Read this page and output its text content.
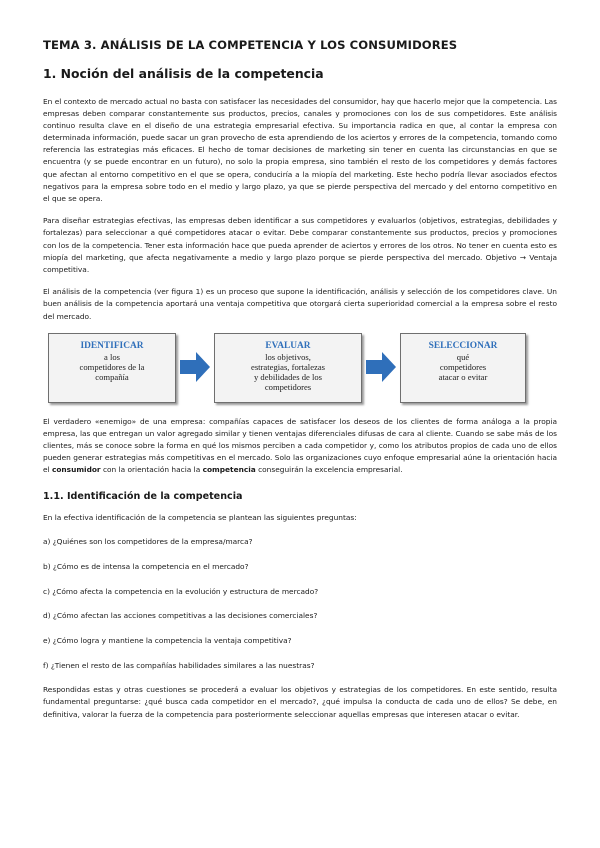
TEMA 3. ANÁLISIS DE LA COMPETENCIA Y LOS CONSUMIDORES
1. Noción del análisis de la competencia

En el contexto de mercado actual no basta con satisfacer las necesidades del consumidor, hay que hacerlo mejor que la competencia. Las empresas deben comparar constantemente sus productos, precios, canales y promociones con los de sus competidores. Este análisis continuo resulta clave en el diseño de una estrategia empresarial efectiva. Su importancia radica en que, al contar la empresa con determinada información, puede sacar un gran provecho de esta aprendiendo de los aciertos y errores de la competencia, tomando como referencia las estrategias más eficaces. El hecho de tomar decisiones de marketing sin tener en cuenta las circunstancias en que se encuentra (y se puede encontrar en un futuro), no solo la propia empresa, sino también el resto de los competidores y demás factores que afectan al entorno competitivo en el que se opera, conduciría a la miopía del marketing. Este hecho podría llevar asociados efectos negativos para la empresa sobre todo en el medio y largo plazo, ya que se pierde perspectiva del mercado y del entorno competitivo en el que se opera.

Para diseñar estrategias efectivas, las empresas deben identificar a sus competidores y evaluarlos (objetivos, estrategias, debilidades y fortalezas) para seleccionar a qué competidores atacar o evitar. Debe comparar constantemente sus productos, precios y promociones con los de la competencia. Tener esta información hace que pueda aprender de aciertos y errores de los otros. No tener en cuenta esto es miopía del marketing, que afecta negativamente a medio y largo plazo porque se pierde perspectiva del mercado. Objetivo → Ventaja competitiva.

El análisis de la competencia (ver figura 1) es un proceso que supone la identificación, análisis y selección de los competidores clave. Un buen análisis de la competencia aportará una ventaja competitiva que otorgará cierta superioridad comercial a la empresa sobre el resto del mercado.

IDENTIFICAR
a los
competidores de la
compañía
EVALUAR
los objetivos,
estrategias, fortalezas
y debilidades de los
competidores
SELECCIONAR
qué
competidores
atacar o evitar

El verdadero «enemigo» de una empresa: compañías capaces de satisfacer los deseos de los clientes de forma análoga a la propia empresa, las que entregan un valor agregado similar y tienen ventajas diferenciales difusas de cara al cliente. Cuando se sabe más de los clientes, más se conoce sobre la forma en qué los mismos perciben a cada competidor y, como los atributos propios de cada uno de ellos pueden generar estrategias más competitivas en el mercado. Solo las organizaciones cuyo enfoque empresarial aúne la orientación hacia el consumidor con la orientación hacia la competencia conseguirán la excelencia empresarial.

1.1. Identificación de la competencia

En la efectiva identificación de la competencia se plantean las siguientes preguntas:

a) ¿Quiénes son los competidores de la empresa/marca?

b) ¿Cómo es de intensa la competencia en el mercado?

c) ¿Cómo afecta la competencia en la evolución y estructura de mercado?

d) ¿Cómo afectan las acciones competitivas a las decisiones comerciales?

e) ¿Cómo logra y mantiene la competencia la ventaja competitiva?

f) ¿Tienen el resto de las compañías habilidades similares a las nuestras?

Respondidas estas y otras cuestiones se procederá a evaluar los objetivos y estrategias de los competidores. En este sentido, resulta fundamental preguntarse: ¿qué busca cada competidor en el mercado?, ¿qué impulsa la conducta de cada uno de ellos? Se debe, en definitiva, valorar la fuerza de la competencia para posteriormente seleccionar aquellas empresas que interesen atacar o evitar.
